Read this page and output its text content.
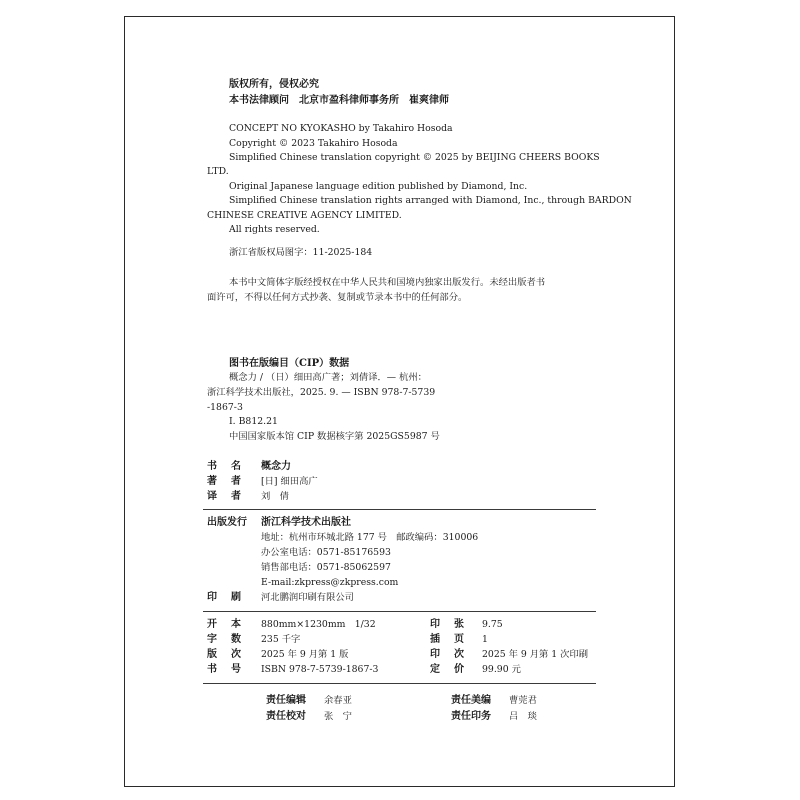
版权所有，侵权必究
本书法律顾问　北京市盈科律师事务所　崔爽律师
CONCEPT NO KYOKASHO by Takahiro Hosoda
Copyright © 2023 Takahiro Hosoda
Simplified Chinese translation copyright © 2025 by BEIJING CHEERS BOOKS
LTD.
Original Japanese language edition published by Diamond, Inc.
Simplified Chinese translation rights arranged with Diamond, Inc., through BARDON
CHINESE CREATIVE AGENCY LIMITED.
All rights reserved.
浙江省版权局图字：11-2025-184
本书中文简体字版经授权在中华人民共和国境内独家出版发行。未经出版者书
面许可，不得以任何方式抄袭、复制或节录本书中的任何部分。
图书在版编目（CIP）数据
概念力 / （日）细田高广著；刘倩译．— 杭州：
浙江科学技术出版社，2025. 9. — ISBN 978-7-5739
-1867-3
Ⅰ. B812.21
中国国家版本馆 CIP 数据核字第 2025GS5987 号
书名 概念力
著者 [日] 细田高广
译者 刘　倩
出版发行 浙江科学技术出版社
地址：杭州市环城北路 177 号　邮政编码：310006
办公室电话：0571-85176593
销售部电话：0571-85062597
E-mail:zkpress@zkpress.com
印刷 河北鹏润印刷有限公司
开本 880mm×1230mm　1/32	印张 9.75
字数 235 千字	插页 1
版次 2025 年 9 月第 1 版	印次 2025 年 9 月第 1 次印刷
书号 ISBN 978-7-5739-1867-3	定价 99.90 元
责任编辑 余春亚	责任美编 曹莞君
责任校对 张　宁	责任印务 吕　琰
